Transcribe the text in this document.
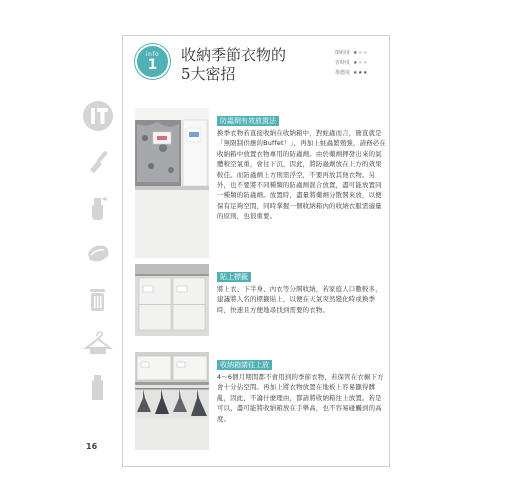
16
info
1
收納季節衣物的
5大密招
節約度 ★★★
省時度 ★★★
推薦度 ★★★
防蟲劑有效放置法

換季衣物若直接收納在收納箱中，對蛀蟲而言，簡直就是「無限制供應的Buffet！」，再加上蛀蟲繁殖強，請務必在收納箱中放置衣物專用的防蟲劑。由於藥劑揮發出來的氣體較空氣重，會往下沉，因此，將防蟲劑放在上方的效果較佳。而防蟲劑上方則需浮空，不要再放其他衣物。另外，也不要將不同種類的防蟲劑混合放置，盡可能放置同一種類的防蟲劑。放置時，盡量將藥劑分散開來放，以便保有足夠空間，同時掌握一個收納箱內的收納衣服需適量的原則，也很重要。

貼上標籤

將上衣、下半身、內衣等分開收納，若家庭人口數較多，建議將人名的標籤貼上，以便在天氣突然變化時或換季時，快速且方便地尋找到需要的衣物。

收納箱請往上放

4～6個月期間都不會用到的季節衣物，若保管在衣櫥下方會十分佔空間。再加上將衣物放置在地板上容易顯得髒亂，因此，不論什麼理由，都請將收納箱往上放置。若是可以，盡可能將收納箱放在手舉高，也不容易碰觸到的高度。
